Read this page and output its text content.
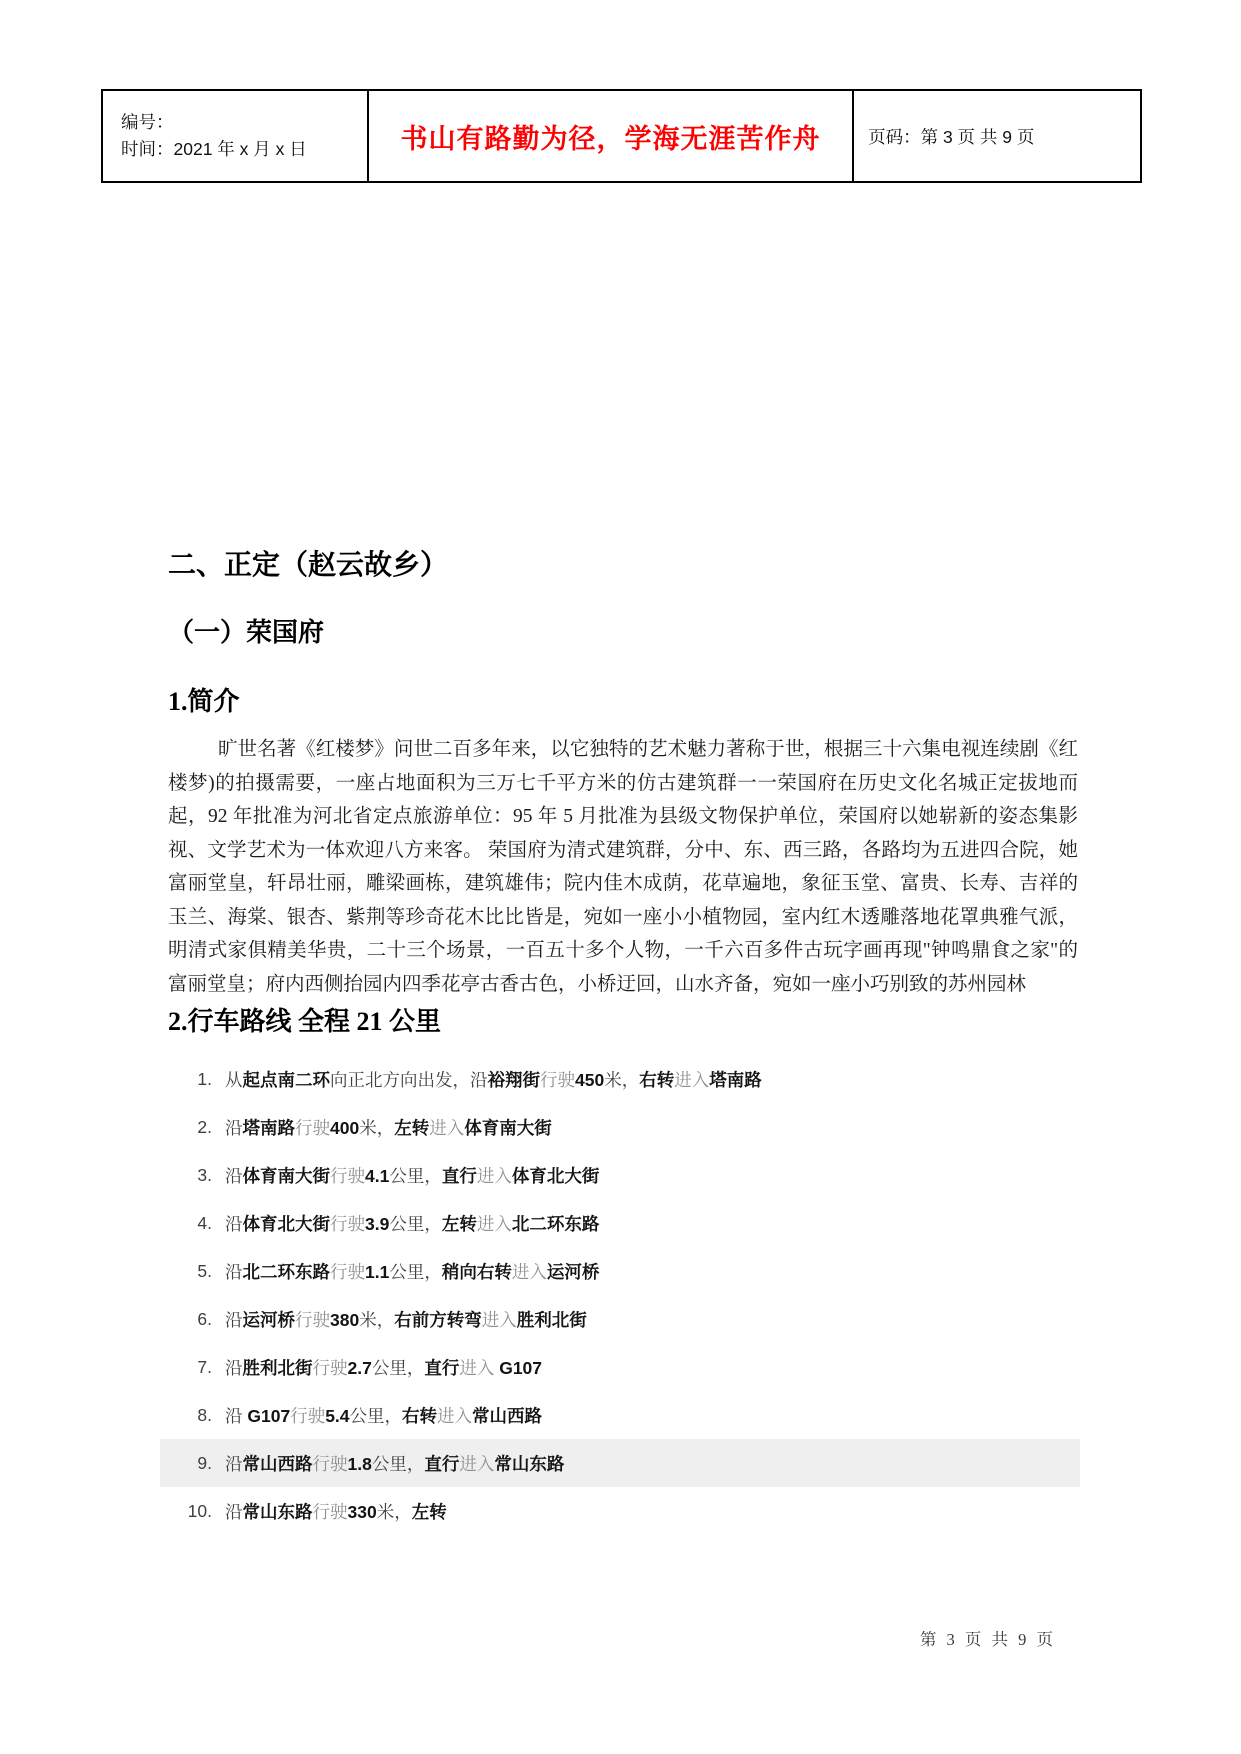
编号：
时间：2021 年 x 月 x 日	书山有路勤为径，学海无涯苦作舟	页码：第 3 页 共 9 页
二、正定（赵云故乡）
（一）荣国府
1.简介
旷世名著《红楼梦》问世二百多年来，以它独特的艺术魅力著称于世，根据三十六集电视连续剧《红楼梦)的拍摄需要，一座占地面积为三万七千平方米的仿古建筑群一一荣国府在历史文化名城正定拔地而起，92 年批准为河北省定点旅游单位：95 年 5 月批准为县级文物保护单位，荣国府以她崭新的姿态集影视、文学艺术为一体欢迎八方来客。 荣国府为清式建筑群，分中、东、西三路，各路均为五进四合院，她富丽堂皇，轩昂壮丽，雕梁画栋，建筑雄伟；院内佳木成荫，花草遍地，象征玉堂、富贵、长寿、吉祥的玉兰、海棠、银杏、紫荆等珍奇花木比比皆是，宛如一座小小植物园，室内红木透雕落地花罩典雅气派，明清式家俱精美华贵，二十三个场景，一百五十多个人物，一千六百多件古玩字画再现"钟鸣鼎食之家"的富丽堂皇；府内西侧抬园内四季花亭古香古色，小桥迂回，山水齐备，宛如一座小巧别致的苏州园林
2.行车路线 全程 21 公里
1. 从起点南二环向正北方向出发，沿裕翔街行驶450米，右转进入塔南路
2. 沿塔南路行驶400米，左转进入体育南大街
3. 沿体育南大街行驶4.1公里，直行进入体育北大街
4. 沿体育北大街行驶3.9公里，左转进入北二环东路
5. 沿北二环东路行驶1.1公里，稍向右转进入运河桥
6. 沿运河桥行驶380米，右前方转弯进入胜利北街
7. 沿胜利北街行驶2.7公里，直行进入 G107
8. 沿 G107行驶5.4公里，右转进入常山西路
9. 沿常山西路行驶1.8公里，直行进入常山东路
10. 沿常山东路行驶330米，左转
第 3 页 共 9 页
